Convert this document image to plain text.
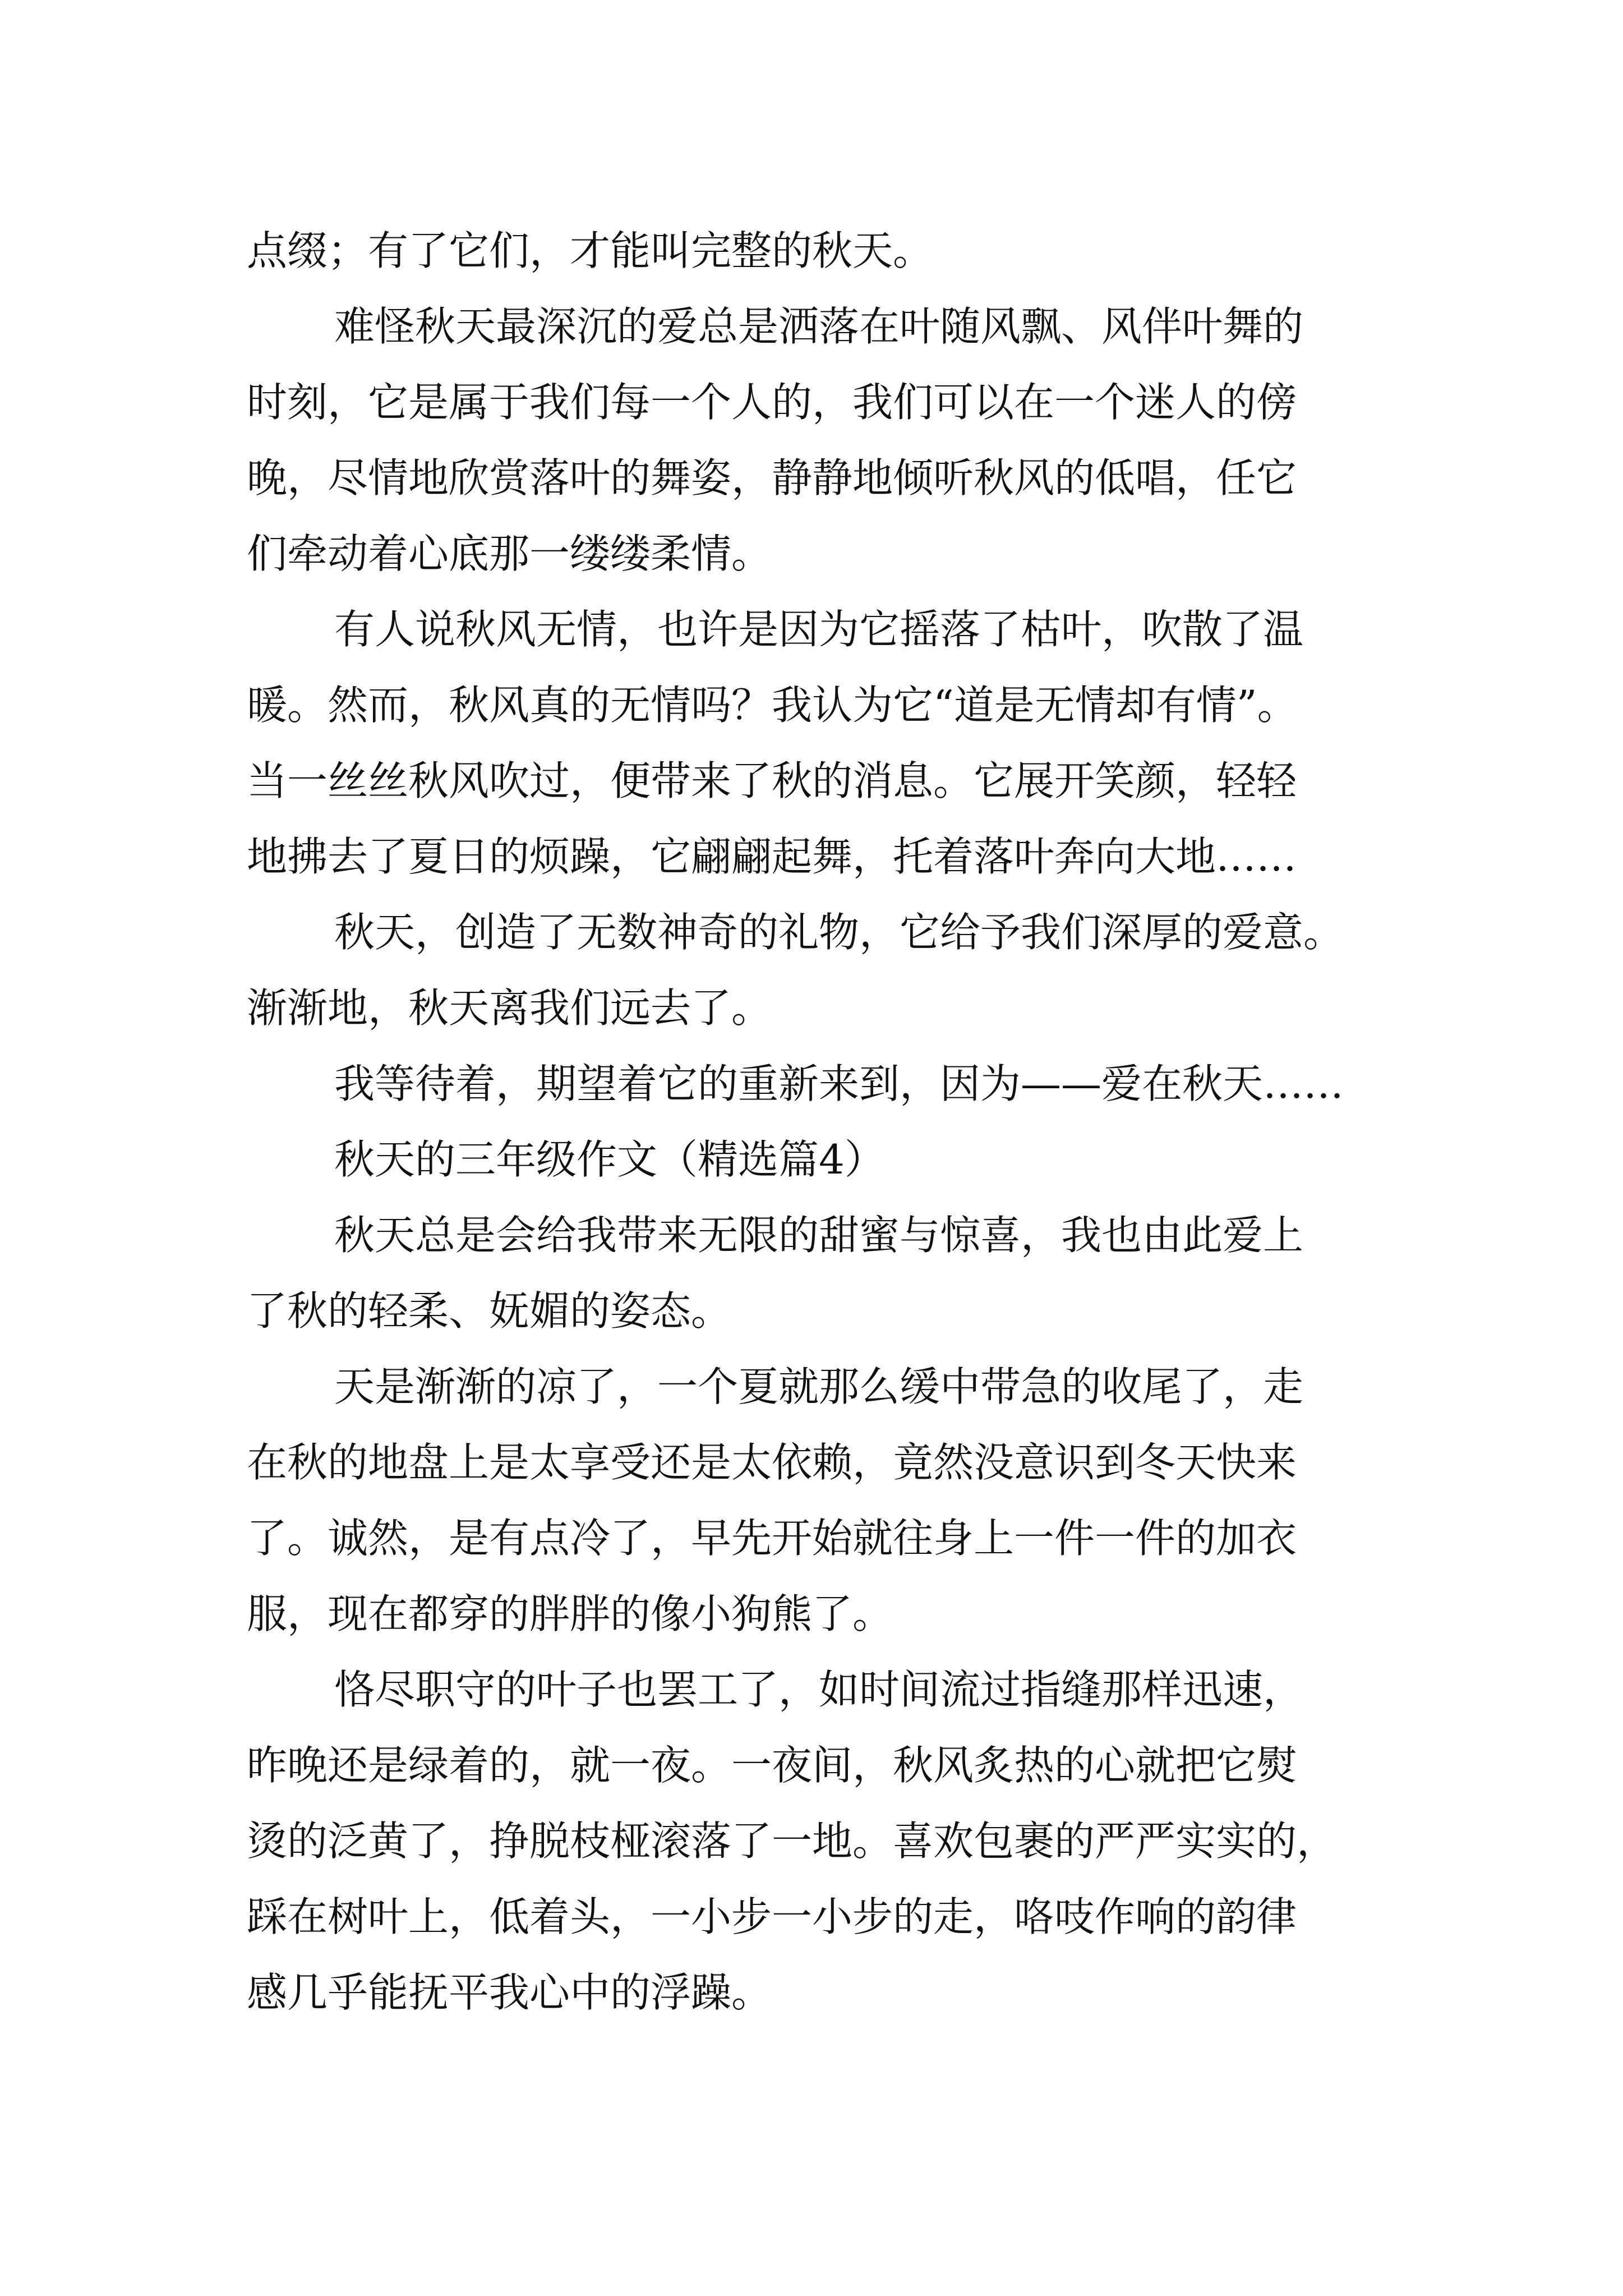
点缀；有了它们，才能叫完整的秋天。
难怪秋天最深沉的爱总是洒落在叶随风飘、风伴叶舞的
时刻，它是属于我们每一个人的，我们可以在一个迷人的傍
晚，尽情地欣赏落叶的舞姿，静静地倾听秋风的低唱，任它
们牵动着心底那一缕缕柔情。
有人说秋风无情，也许是因为它摇落了枯叶，吹散了温
暖。然而，秋风真的无情吗？我认为它“道是无情却有情”。
当一丝丝秋风吹过，便带来了秋的消息。它展开笑颜，轻轻
地拂去了夏日的烦躁，它翩翩起舞，托着落叶奔向大地……
秋天，创造了无数神奇的礼物，它给予我们深厚的爱意。
渐渐地，秋天离我们远去了。
我等待着，期望着它的重新来到，因为——爱在秋天……
秋天的三年级作文（精选篇4）
秋天总是会给我带来无限的甜蜜与惊喜，我也由此爱上
了秋的轻柔、妩媚的姿态。
天是渐渐的凉了，一个夏就那么缓中带急的收尾了，走
在秋的地盘上是太享受还是太依赖，竟然没意识到冬天快来
了。诚然，是有点冷了，早先开始就往身上一件一件的加衣
服，现在都穿的胖胖的像小狗熊了。
恪尽职守的叶子也罢工了，如时间流过指缝那样迅速，
昨晚还是绿着的，就一夜。一夜间，秋风炙热的心就把它熨
烫的泛黄了，挣脱枝桠滚落了一地。喜欢包裹的严严实实的，
踩在树叶上，低着头，一小步一小步的走，咯吱作响的韵律
感几乎能抚平我心中的浮躁。
